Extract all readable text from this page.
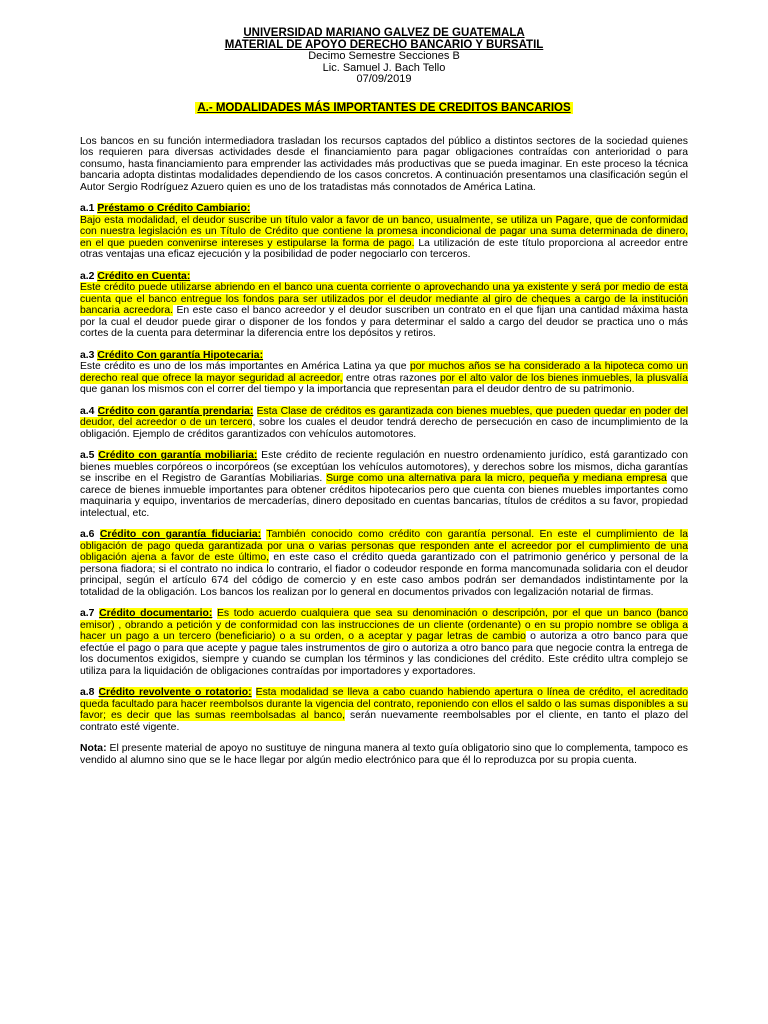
UNIVERSIDAD MARIANO GALVEZ DE GUATEMALA
MATERIAL DE APOYO DERECHO BANCARIO Y BURSATIL
Decimo Semestre Secciones B
Lic. Samuel J. Bach Tello
07/09/2019
A.- MODALIDADES MÁS IMPORTANTES DE CREDITOS BANCARIOS

Los bancos en su función intermediadora trasladan los recursos captados del público a distintos sectores de la sociedad quienes los requieren para diversas actividades desde el financiamiento para pagar obligaciones contraídas con anterioridad o para consumo, hasta financiamiento para emprender las actividades más productivas que se pueda imaginar. En este proceso la técnica bancaria adopta distintas modalidades dependiendo de los casos concretos. A continuación presentamos una clasificación según el Autor Sergio Rodríguez Azuero quien es uno de los tratadistas más connotados de América Latina.

a.1 Préstamo o Crédito Cambiario:
Bajo esta modalidad, el deudor suscribe un título valor a favor de un banco, usualmente, se utiliza un Pagare, que de conformidad con nuestra legislación es un Título de Crédito que contiene la promesa incondicional de pagar una suma determinada de dinero, en el que pueden convenirse intereses y estipularse la forma de pago. La utilización de este título proporciona al acreedor entre otras ventajas una eficaz ejecución y la posibilidad de poder negociarlo con terceros.
a.2 Crédito en Cuenta:
Este crédito puede utilizarse abriendo en el banco una cuenta corriente o aprovechando una ya existente y será por medio de esta cuenta que el banco entregue los fondos para ser utilizados por el deudor mediante al giro de cheques a cargo de la institución bancaria acreedora. En este caso el banco acreedor y el deudor suscriben un contrato en el que fijan una cantidad máxima hasta por la cual el deudor puede girar o disponer de los fondos y para determinar el saldo a cargo del deudor se practica uno o más cortes de la cuenta para determinar la diferencia entre los depósitos y retiros.
a.3 Crédito Con garantía Hipotecaria:
Este crédito es uno de los más importantes en América Latina ya que por muchos años se ha considerado a la hipoteca como un derecho real que ofrece la mayor seguridad al acreedor, entre otras razones por el alto valor de los bienes inmuebles, la plusvalía que ganan los mismos con el correr del tiempo y la importancia que representan para el deudor dentro de su patrimonio.
a.4 Crédito con garantía prendaria: Esta Clase de créditos es garantizada con bienes muebles, que pueden quedar en poder del deudor, del acreedor o de un tercero, sobre los cuales el deudor tendrá derecho de persecución en caso de incumplimiento de la obligación. Ejemplo de créditos garantizados con vehículos automotores.
a.5 Crédito con garantía mobiliaria: Este crédito de reciente regulación en nuestro ordenamiento jurídico, está garantizado con bienes muebles corpóreos o incorpóreos (se exceptúan los vehículos automotores), y derechos sobre los mismos, dicha garantías se inscribe en el Registro de Garantías Mobiliarias. Surge como una alternativa para la micro, pequeña y mediana empresa que carece de bienes inmueble importantes para obtener créditos hipotecarios pero que cuenta con bienes muebles importantes como maquinaria y equipo, inventarios de mercaderías, dinero depositado en cuentas bancarias, títulos de créditos a su favor, propiedad intelectual, etc.
a.6 Crédito con garantía fiduciaria: También conocido como crédito con garantía personal. En este el cumplimiento de la obligación de pago queda garantizada por una o varias personas que responden ante el acreedor por el cumplimiento de una obligación ajena a favor de este último, en este caso el crédito queda garantizado con el patrimonio genérico y personal de la persona fiadora; si el contrato no indica lo contrario, el fiador o codeudor responde en forma mancomunada solidaria con el deudor principal, según el artículo 674 del código de comercio y en este caso ambos podrán ser demandados indistintamente por la totalidad de la obligación. Los bancos los realizan por lo general en documentos privados con legalización notarial de firmas.
a.7 Crédito documentario: Es todo acuerdo cualquiera que sea su denominación o descripción, por el que un banco (banco emisor) , obrando a petición y de conformidad con las instrucciones de un cliente (ordenante) o en su propio nombre se obliga a hacer un pago a un tercero (beneficiario) o a su orden, o a aceptar y pagar letras de cambio o autoriza a otro banco para que efectúe el pago o para que acepte y pague tales instrumentos de giro o autoriza a otro banco para que negocie contra la entrega de los documentos exigidos, siempre y cuando se cumplan los términos y las condiciones del crédito. Este crédito ultra complejo se utiliza para la liquidación de obligaciones contraídas por importadores y exportadores.
a.8 Crédito revolvente o rotatorio: Esta modalidad se lleva a cabo cuando habiendo apertura o línea de crédito, el acreditado queda facultado para hacer reembolsos durante la vigencia del contrato, reponiendo con ellos el saldo o las sumas disponibles a su favor; es decir que las sumas reembolsadas al banco, serán nuevamente reembolsables por el cliente, en tanto el plazo del contrato esté vigente.

Nota: El presente material de apoyo no sustituye de ninguna manera al texto guía obligatorio sino que lo complementa, tampoco es vendido al alumno sino que se le hace llegar por algún medio electrónico para que él lo reproduzca por su propia cuenta.
